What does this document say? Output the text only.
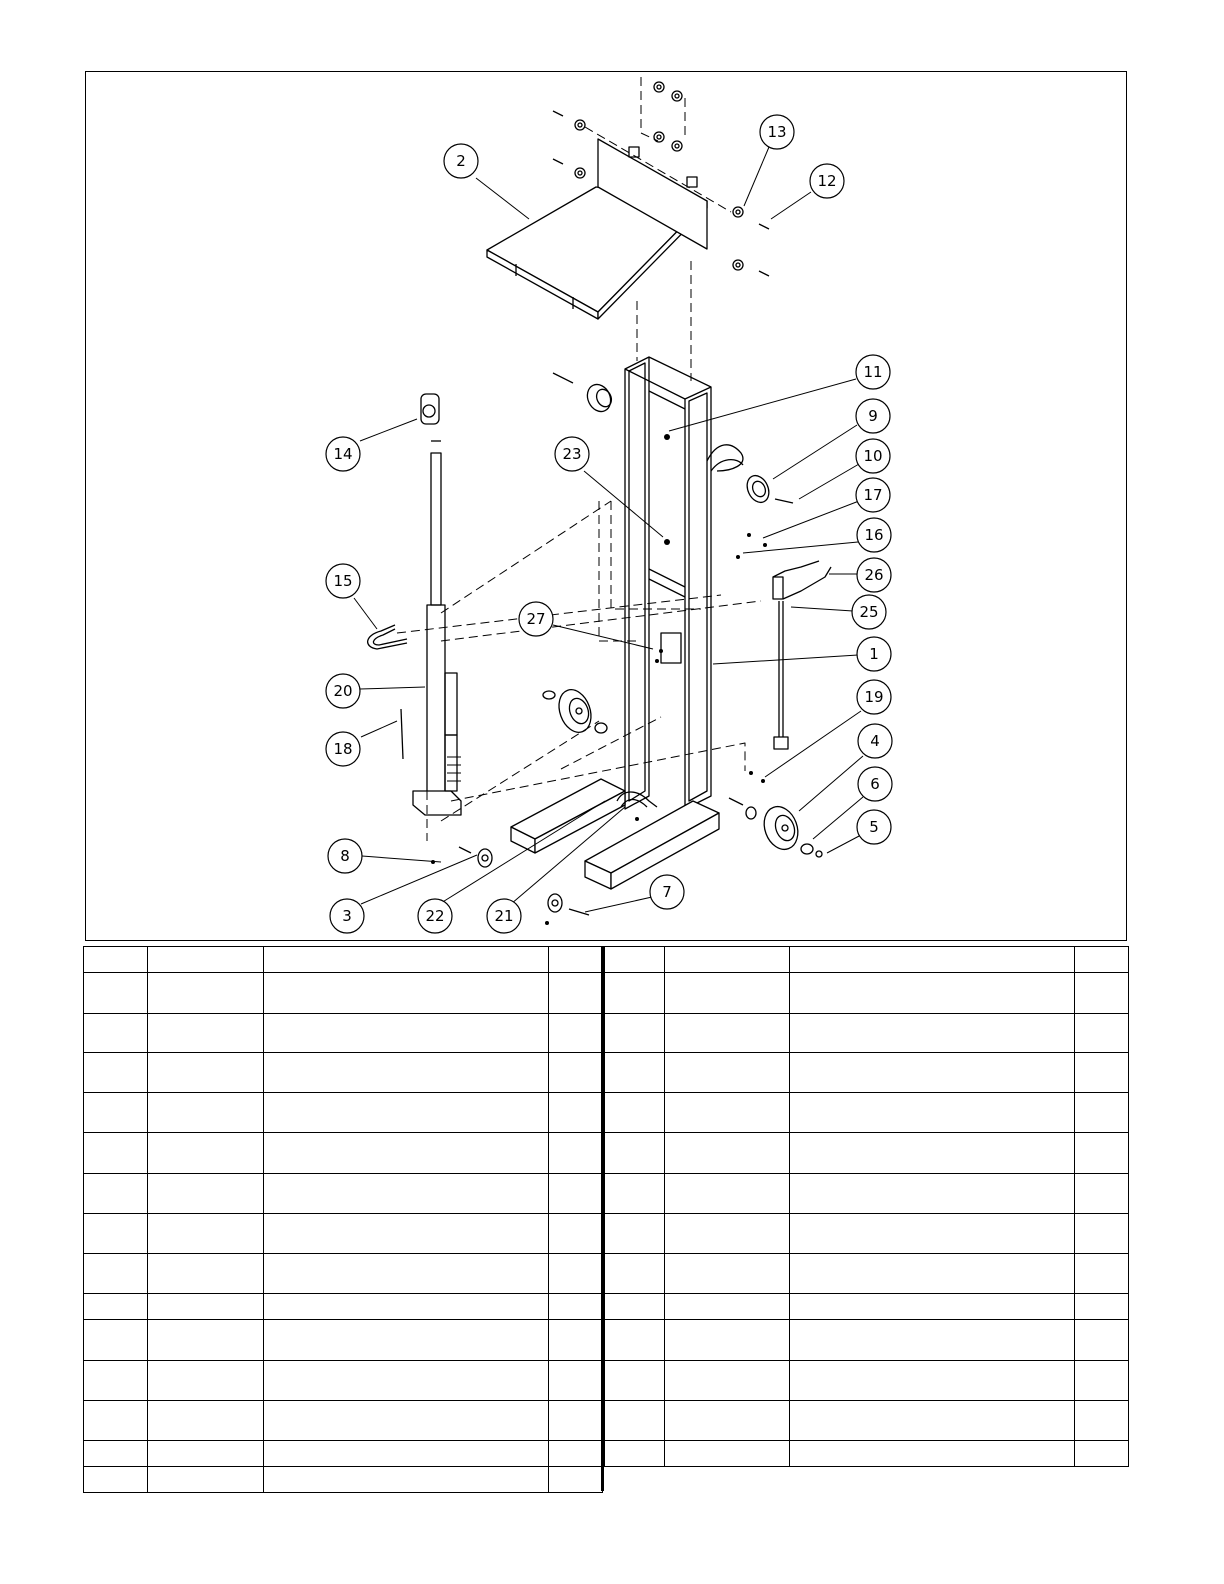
1
2
3
4
5
6
7
8
9
10
11
12
13
14
15
16
17
18
19
20
21
22
23
25
26
27
